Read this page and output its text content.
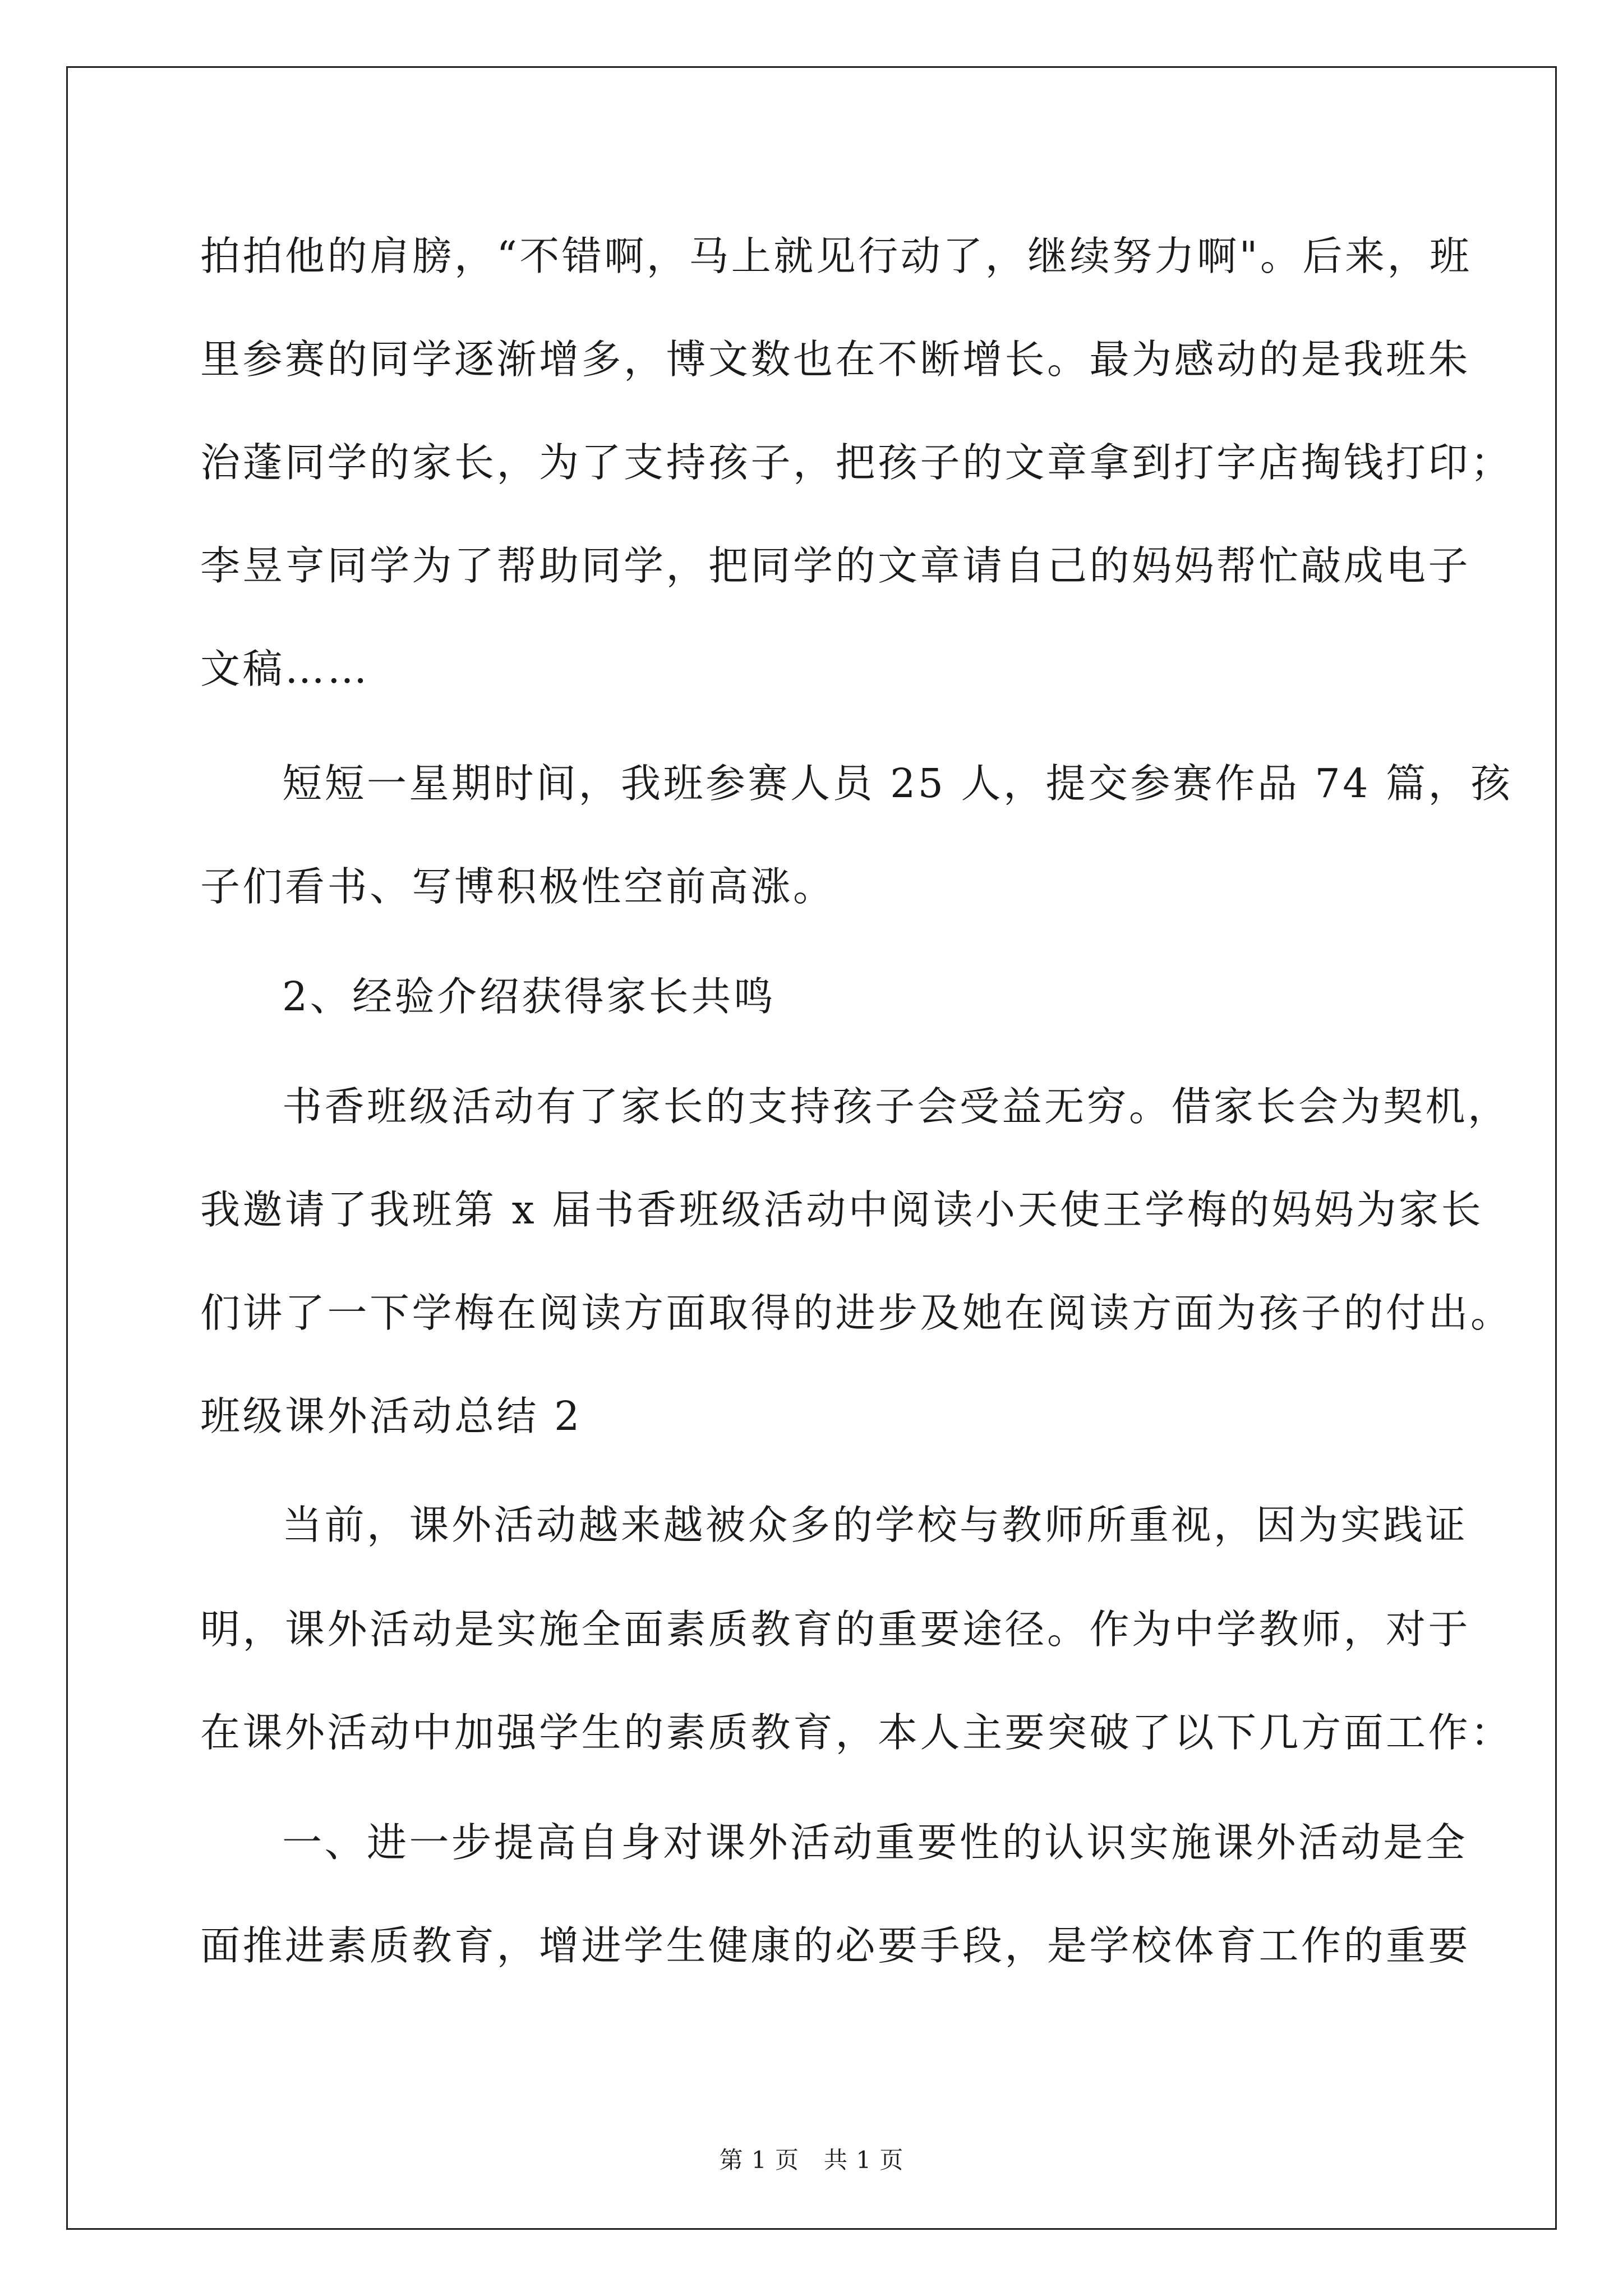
拍拍他的肩膀，“不错啊，马上就见行动了，继续努力啊"。后来，班
里参赛的同学逐渐增多，博文数也在不断增长。最为感动的是我班朱
治蓬同学的家长，为了支持孩子，把孩子的文章拿到打字店掏钱打印；
李昱亨同学为了帮助同学，把同学的文章请自己的妈妈帮忙敲成电子
文稿……
短短一星期时间，我班参赛人员 25 人，提交参赛作品 74 篇，孩
子们看书、写博积极性空前高涨。
2、经验介绍获得家长共鸣
书香班级活动有了家长的支持孩子会受益无穷。借家长会为契机，
我邀请了我班第 x 届书香班级活动中阅读小天使王学梅的妈妈为家长
们讲了一下学梅在阅读方面取得的进步及她在阅读方面为孩子的付出。
班级课外活动总结 2
当前，课外活动越来越被众多的学校与教师所重视，因为实践证
明，课外活动是实施全面素质教育的重要途径。作为中学教师，对于
在课外活动中加强学生的素质教育，本人主要突破了以下几方面工作：
一、进一步提高自身对课外活动重要性的认识实施课外活动是全
面推进素质教育，增进学生健康的必要手段，是学校体育工作的重要
第 1 页 共 1 页
